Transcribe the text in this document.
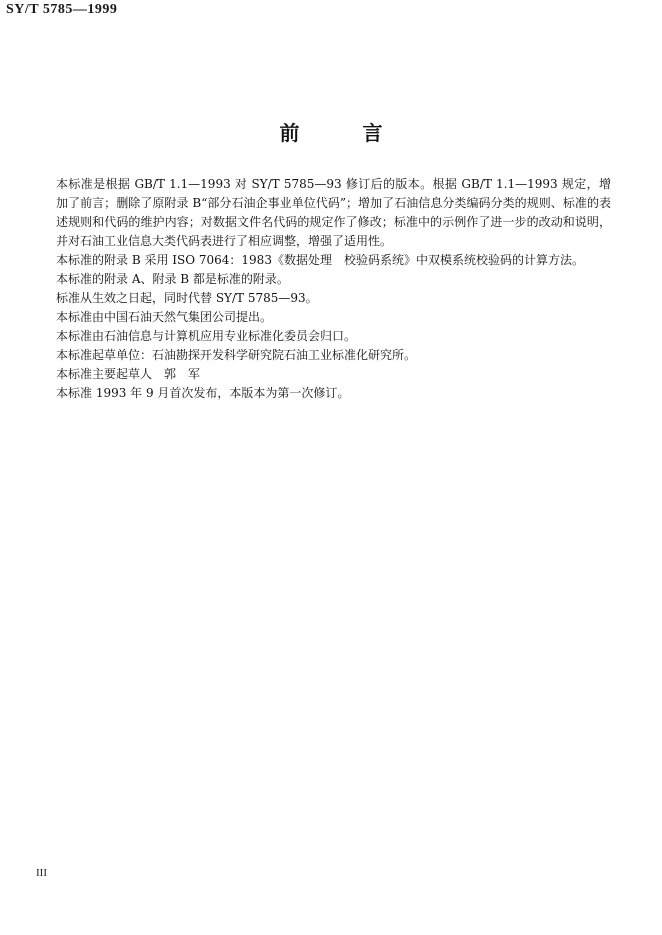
SY/T 5785—1999
前 言

本标准是根据 GB/T 1.1—1993 对 SY/T 5785—93 修订后的版本。根据 GB/T 1.1—1993 规定，增加了前言；删除了原附录 B“部分石油企事业单位代码”；增加了石油信息分类编码分类的规则、标准的表述规则和代码的维护内容；对数据文件名代码的规定作了修改；标准中的示例作了进一步的改动和说明，并对石油工业信息大类代码表进行了相应调整，增强了适用性。

本标准的附录 B 采用 ISO 7064：1983《数据处理　校验码系统》中双模系统校验码的计算方法。

本标准的附录 A、附录 B 都是标准的附录。

标准从生效之日起，同时代替 SY/T 5785—93。

本标准由中国石油天然气集团公司提出。

本标准由石油信息与计算机应用专业标准化委员会归口。

本标准起草单位：石油勘探开发科学研究院石油工业标准化研究所。

本标准主要起草人　郭　军

本标准 1993 年 9 月首次发布，本版本为第一次修订。

III
